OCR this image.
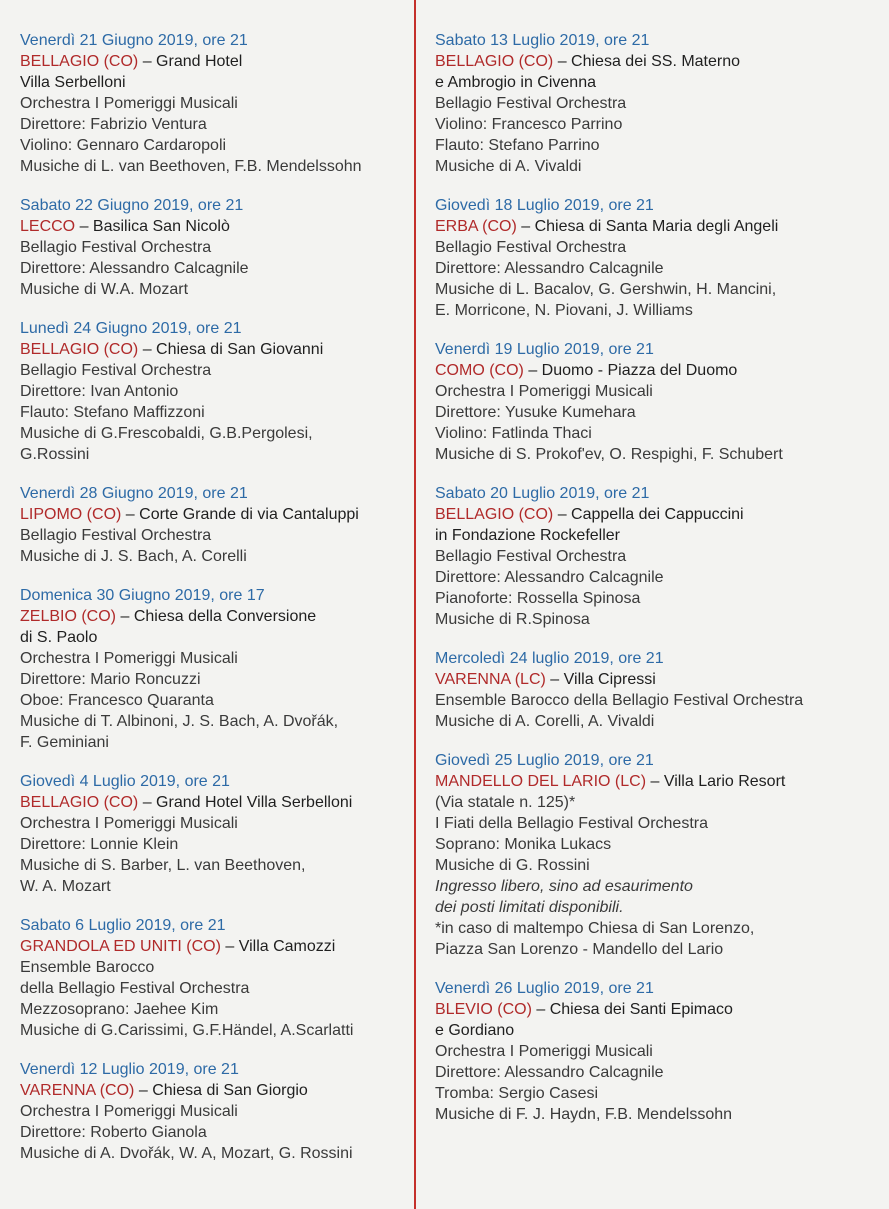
Venerdì 21 Giugno 2019, ore 21
BELLAGIO (CO) – Grand Hotel
Villa Serbelloni
Orchestra I Pomeriggi Musicali
Direttore: Fabrizio Ventura
Violino: Gennaro Cardaropoli
Musiche di L. van Beethoven, F.B. Mendelssohn
Sabato 22 Giugno 2019, ore 21
LECCO – Basilica San Nicolò
Bellagio Festival Orchestra
Direttore: Alessandro Calcagnile
Musiche di W.A. Mozart
Lunedì 24 Giugno 2019, ore 21
BELLAGIO (CO) – Chiesa di San Giovanni
Bellagio Festival Orchestra
Direttore: Ivan Antonio
Flauto: Stefano Maffizzoni
Musiche di G.Frescobaldi, G.B.Pergolesi,
G.Rossini
Venerdì 28 Giugno 2019, ore 21
LIPOMO (CO) – Corte Grande di via Cantaluppi
Bellagio Festival Orchestra
Musiche di J. S. Bach, A. Corelli
Domenica 30 Giugno 2019, ore 17
ZELBIO (CO) – Chiesa della Conversione
di S. Paolo
Orchestra I Pomeriggi Musicali
Direttore: Mario Roncuzzi
Oboe: Francesco Quaranta
Musiche di T. Albinoni, J. S. Bach, A. Dvořák,
F. Geminiani
Giovedì 4 Luglio 2019, ore 21
BELLAGIO (CO) – Grand Hotel Villa Serbelloni
Orchestra I Pomeriggi Musicali
Direttore: Lonnie Klein
Musiche di S. Barber, L. van Beethoven,
W. A. Mozart
Sabato 6 Luglio 2019, ore 21
GRANDOLA ED UNITI (CO) – Villa Camozzi
Ensemble Barocco
della Bellagio Festival Orchestra
Mezzosoprano: Jaehee Kim
Musiche di G.Carissimi, G.F.Händel, A.Scarlatti
Venerdì 12 Luglio 2019, ore 21
VARENNA (CO) – Chiesa di San Giorgio
Orchestra I Pomeriggi Musicali
Direttore: Roberto Gianola
Musiche di A. Dvořák, W. A, Mozart, G. Rossini
Sabato 13 Luglio 2019, ore 21
BELLAGIO (CO) – Chiesa dei SS. Materno
e Ambrogio in Civenna
Bellagio Festival Orchestra
Violino: Francesco Parrino
Flauto: Stefano Parrino
Musiche di A. Vivaldi
Giovedì 18 Luglio 2019, ore 21
ERBA (CO) – Chiesa di Santa Maria degli Angeli
Bellagio Festival Orchestra
Direttore: Alessandro Calcagnile
Musiche di L. Bacalov, G. Gershwin, H. Mancini,
E. Morricone, N. Piovani, J. Williams
Venerdì 19 Luglio 2019, ore 21
COMO (CO) – Duomo - Piazza del Duomo
Orchestra I Pomeriggi Musicali
Direttore: Yusuke Kumehara
Violino: Fatlinda Thaci
Musiche di S. Prokof'ev, O. Respighi, F. Schubert
Sabato 20 Luglio 2019, ore 21
BELLAGIO (CO) – Cappella dei Cappuccini
in Fondazione Rockefeller
Bellagio Festival Orchestra
Direttore: Alessandro Calcagnile
Pianoforte: Rossella Spinosa
Musiche di R.Spinosa
Mercoledì 24 luglio 2019, ore 21
VARENNA (LC) – Villa Cipressi
Ensemble Barocco della Bellagio Festival Orchestra
Musiche di A. Corelli, A. Vivaldi
Giovedì 25 Luglio 2019, ore 21
MANDELLO DEL LARIO (LC) – Villa Lario Resort
(Via statale n. 125)*
I Fiati della Bellagio Festival Orchestra
Soprano: Monika Lukacs
Musiche di G. Rossini
Ingresso libero, sino ad esaurimento
dei posti limitati disponibili.
*in caso di maltempo Chiesa di San Lorenzo,
Piazza San Lorenzo - Mandello del Lario
Venerdì 26 Luglio 2019, ore 21
BLEVIO (CO) – Chiesa dei Santi Epimaco
e Gordiano
Orchestra I Pomeriggi Musicali
Direttore: Alessandro Calcagnile
Tromba: Sergio Casesi
Musiche di F. J. Haydn, F.B. Mendelssohn
